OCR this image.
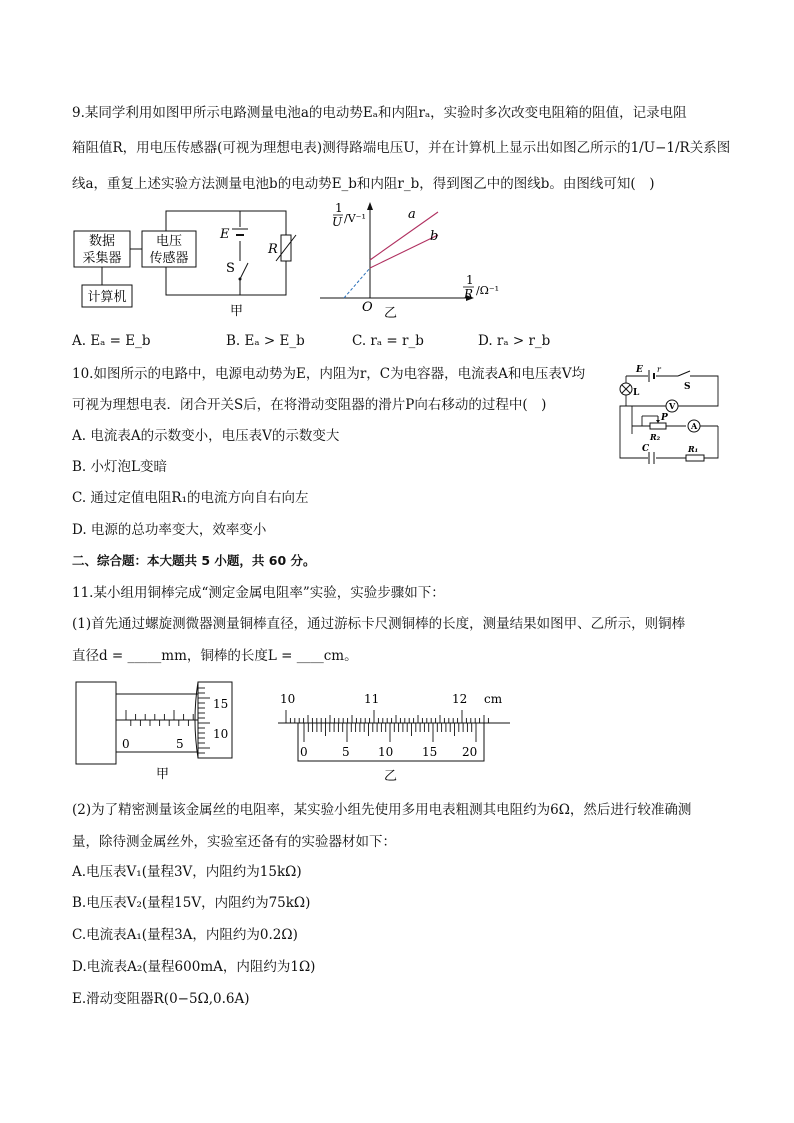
9.某同学利用如图甲所示电路测量电池a的电动势Eₐ和内阻rₐ，实验时多次改变电阻箱的阻值，记录电阻
箱阻值R，用电压传感器(可视为理想电表)测得路端电压U，并在计算机上显示出如图乙所示的1/U−1/R关系图
线a，重复上述实验方法测量电池b的电动势E_b和内阻r_b，得到图乙中的图线b。由图线可知(　)
数据
采集器
电压
传感器
计算机
E
S
R
甲
1
U /V⁻¹
1
R /Ω⁻¹
a
b
O 乙
A. Eₐ = E_b	B. Eₐ > E_b	C. rₐ = r_b	D. rₐ > r_b
10.如图所示的电路中，电源电动势为E，内阻为r，C为电容器，电流表A和电压表V均
可视为理想电表．闭合开关S后，在将滑动变阻器的滑片P向右移动的过程中(　)
A. 电流表A的示数变小，电压表V的示数变大
B. 小灯泡L变暗
C. 通过定值电阻R₁的电流方向自右向左
D. 电源的总功率变大，效率变小
L
E r
S
V
P
R₂
A
C	R₁
二、综合题：本大题共 5 小题，共 60 分。
11.某小组用铜棒完成“测定金属电阻率”实验，实验步骤如下：
(1)首先通过螺旋测微器测量铜棒直径，通过游标卡尺测铜棒的长度，测量结果如图甲、乙所示，则铜棒
直径d = _____mm，铜棒的长度L = ____cm。
15
10
0	5
甲
10	11	12 cm
0	5 10 15 20
乙
(2)为了精密测量该金属丝的电阻率，某实验小组先使用多用电表粗测其电阻约为6Ω，然后进行较准确测
量，除待测金属丝外，实验室还备有的实验器材如下：
A.电压表V₁(量程3V，内阻约为15kΩ)
B.电压表V₂(量程15V，内阻约为75kΩ)
C.电流表A₁(量程3A，内阻约为0.2Ω)
D.电流表A₂(量程600mA，内阻约为1Ω)
E.滑动变阻器R(0−5Ω,0.6A)
